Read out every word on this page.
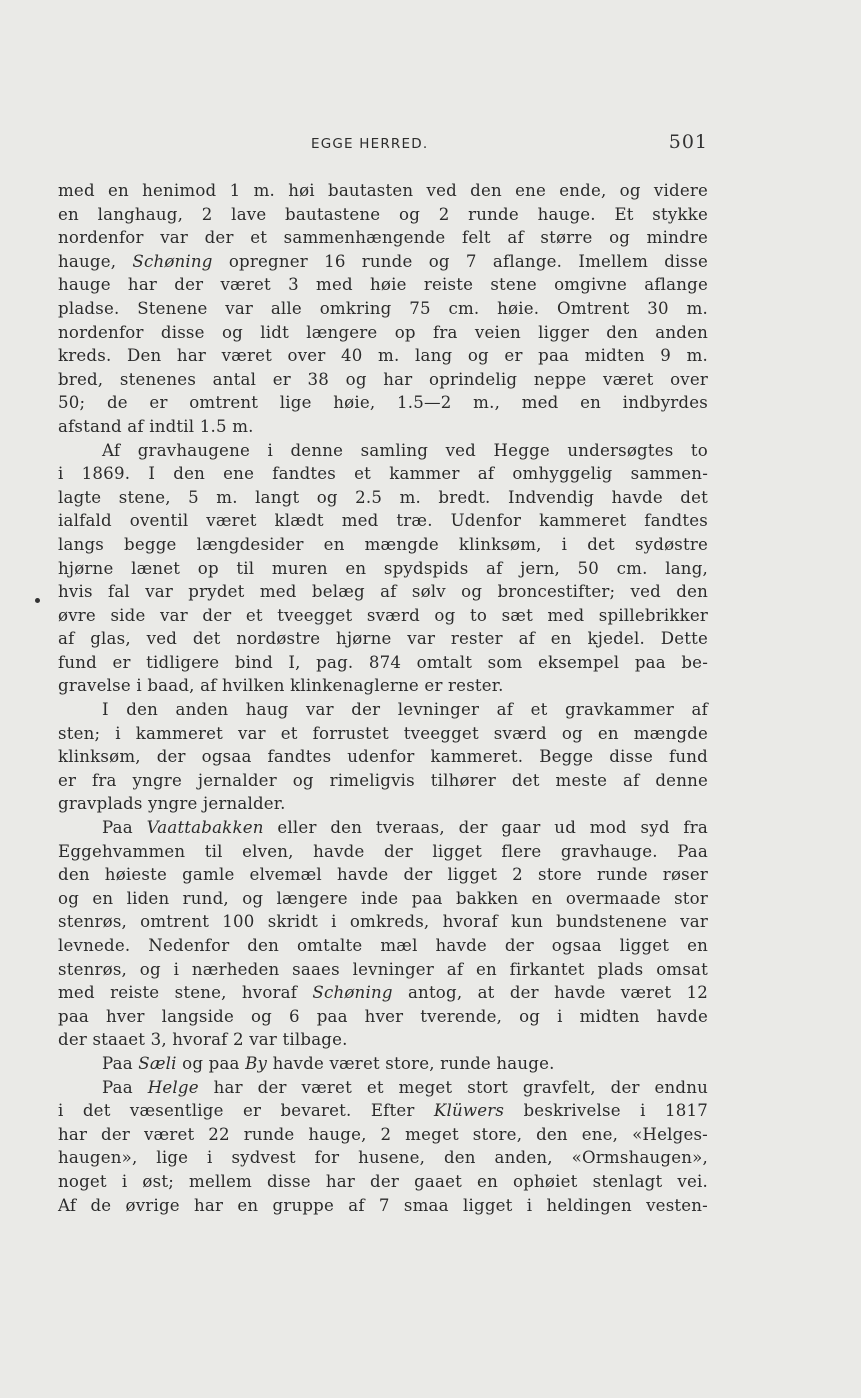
EGGE HERRED.	501
med en henimod 1 m. høi bautasten ved den ene ende, og videre
en langhaug, 2 lave bautastene og 2 runde hauge. Et stykke
nordenfor var der et sammenhængende felt af større og mindre
hauge, Schøning opregner 16 runde og 7 aflange. Imellem disse
hauge har der været 3 med høie reiste stene omgivne aflange
pladse. Stenene var alle omkring 75 cm. høie. Omtrent 30 m.
nordenfor disse og lidt længere op fra veien ligger den anden
kreds. Den har været over 40 m. lang og er paa midten 9 m.
bred, stenenes antal er 38 og har oprindelig neppe været over
50; de er omtrent lige høie, 1.5—2 m., med en indbyrdes
afstand af indtil 1.5 m.
Af gravhaugene i denne samling ved Hegge undersøgtes to
i 1869. I den ene fandtes et kammer af omhyggelig sammen-
lagte stene, 5 m. langt og 2.5 m. bredt. Indvendig havde det
ialfald oventil været klædt med træ. Udenfor kammeret fandtes
langs begge længdesider en mængde klinksøm, i det sydøstre
hjørne lænet op til muren en spydspids af jern, 50 cm. lang,
hvis fal var prydet med belæg af sølv og broncestifter; ved den
øvre side var der et tveegget sværd og to sæt med spillebrikker
af glas, ved det nordøstre hjørne var rester af en kjedel. Dette
fund er tidligere bind I, pag. 874 omtalt som eksempel paa be-
gravelse i baad, af hvilken klinkenaglerne er rester.
I den anden haug var der levninger af et gravkammer af
sten; i kammeret var et forrustet tveegget sværd og en mængde
klinksøm, der ogsaa fandtes udenfor kammeret. Begge disse fund
er fra yngre jernalder og rimeligvis tilhører det meste af denne
gravplads yngre jernalder.
Paa Vaattabakken eller den tveraas, der gaar ud mod syd fra
Eggehvammen til elven, havde der ligget flere gravhauge. Paa
den høieste gamle elvemæl havde der ligget 2 store runde røser
og en liden rund, og længere inde paa bakken en overmaade stor
stenrøs, omtrent 100 skridt i omkreds, hvoraf kun bundstenene var
levnede. Nedenfor den omtalte mæl havde der ogsaa ligget en
stenrøs, og i nærheden saaes levninger af en firkantet plads omsat
med reiste stene, hvoraf Schøning antog, at der havde været 12
paa hver langside og 6 paa hver tverende, og i midten havde
der staaet 3, hvoraf 2 var tilbage.
Paa Sæli og paa By havde været store, runde hauge.
Paa Helge har der været et meget stort gravfelt, der endnu
i det væsentlige er bevaret. Efter Klüwers beskrivelse i 1817
har der været 22 runde hauge, 2 meget store, den ene, «Helges-
haugen», lige i sydvest for husene, den anden, «Ormshaugen»,
noget i øst; mellem disse har der gaaet en ophøiet stenlagt vei.
Af de øvrige har en gruppe af 7 smaa ligget i heldingen vesten-
